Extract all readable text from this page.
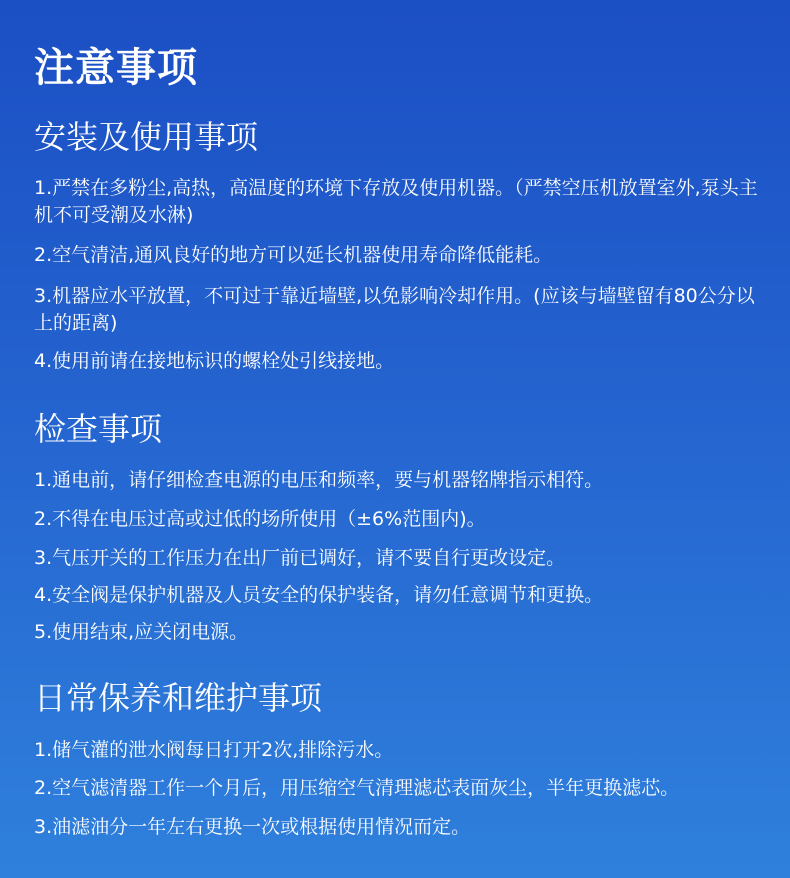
注意事项
安装及使用事项
1.严禁在多粉尘,高热，高温度的环境下存放及使用机器。（严禁空压机放置室外,泵头主机不可受潮及水淋)
2.空气清洁,通风良好的地方可以延长机器使用寿命降低能耗。
3.机器应水平放置，不可过于靠近墙壁,以免影响冷却作用。(应该与墙壁留有80公分以上的距离)
4.使用前请在接地标识的螺栓处引线接地。
检查事项
1.通电前，请仔细检查电源的电压和频率，要与机器铭牌指示相符。
2.不得在电压过高或过低的场所使用（±6%范围内)。
3.气压开关的工作压力在出厂前已调好，请不要自行更改设定。
4.安全阀是保护机器及人员安全的保护装备，请勿任意调节和更换。
5.使用结束,应关闭电源。
日常保养和维护事项
1.储气灌的泄水阀每日打开2次,排除污水。
2.空气滤清器工作一个月后，用压缩空气清理滤芯表面灰尘，半年更换滤芯。
3.油滤油分一年左右更换一次或根据使用情况而定。
